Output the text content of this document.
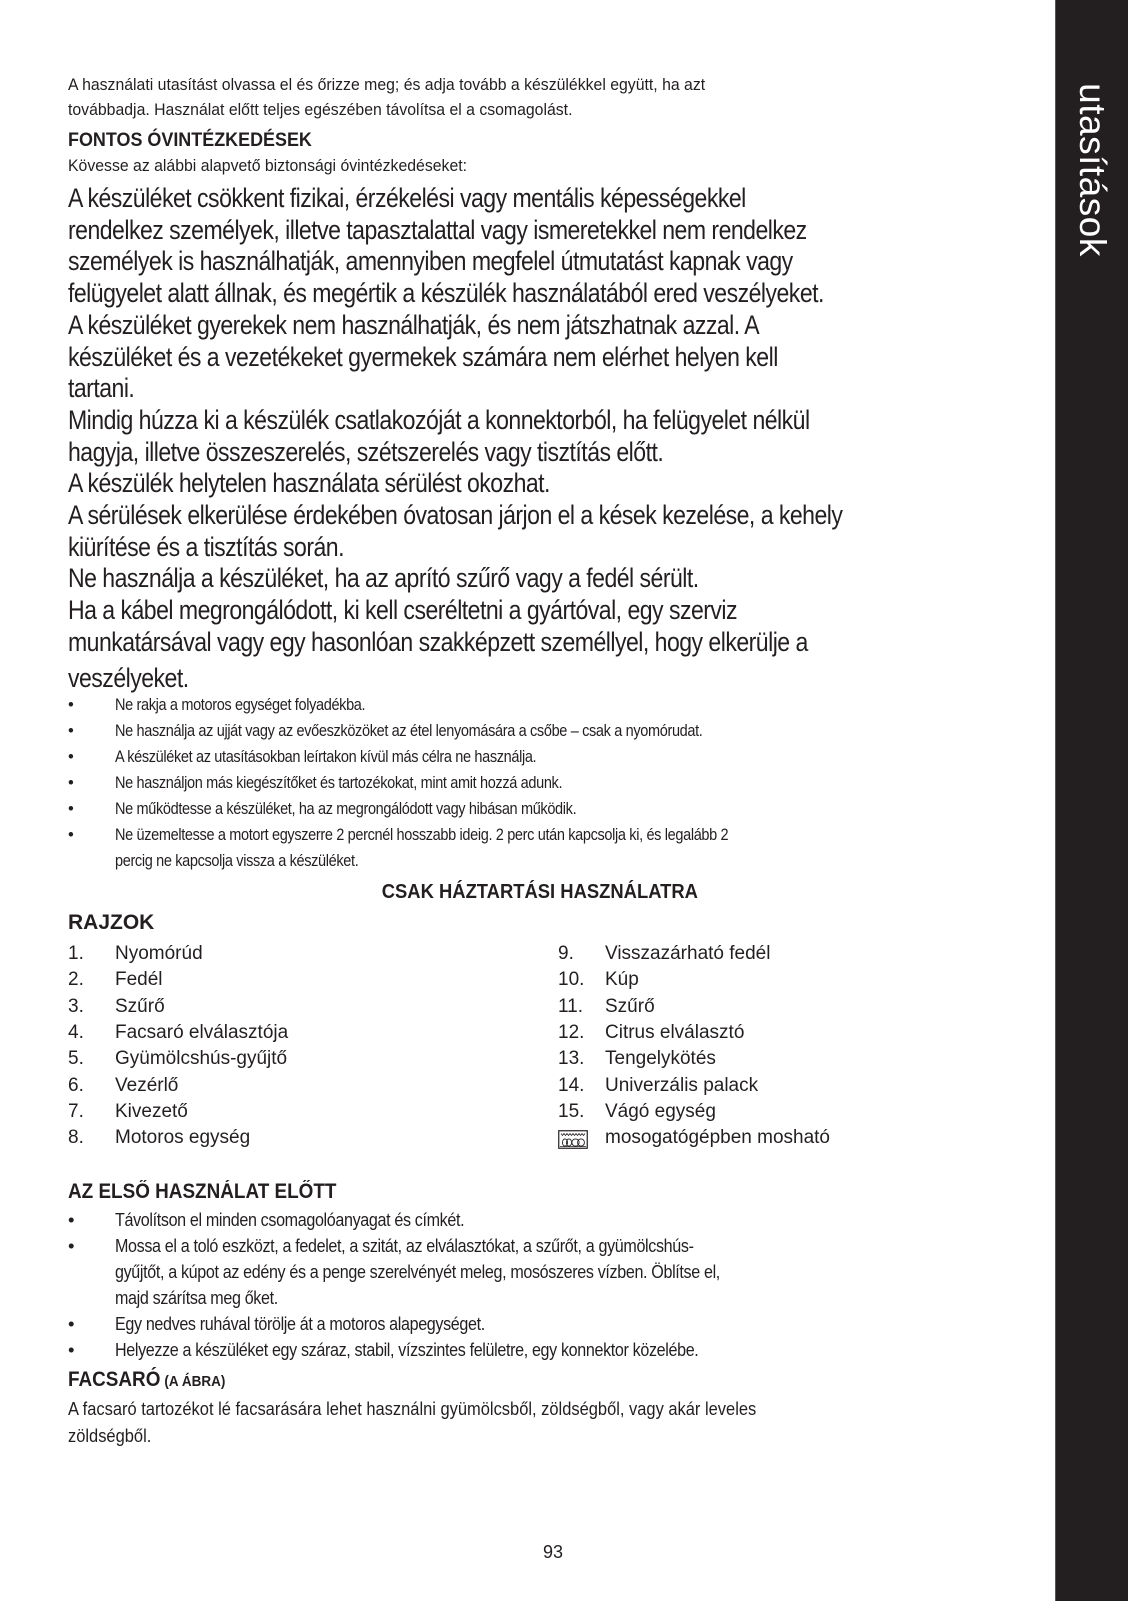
utasítások
A használati utasítást olvassa el és őrizze meg; és adja tovább a készülékkel együtt, ha azt
továbbadja. Használat előtt teljes egészében távolítsa el a csomagolást.
FONTOS ÓVINTÉZKEDÉSEK
Kövesse az alábbi alapvető biztonsági óvintézkedéseket:
A készüléket csökkent fizikai, érzékelési vagy mentális képességekkel
rendelkez személyek, illetve tapasztalattal vagy ismeretekkel nem rendelkez
személyek is használhatják, amennyiben megfelel útmutatást kapnak vagy
felügyelet alatt állnak, és megértik a készülék használatából ered veszélyeket.
A készüléket gyerekek nem használhatják, és nem játszhatnak azzal. A
készüléket és a vezetékeket gyermekek számára nem elérhet helyen kell
tartani.
Mindig húzza ki a készülék csatlakozóját a konnektorból, ha felügyelet nélkül
hagyja, illetve összeszerelés, szétszerelés vagy tisztítás előtt.
A készülék helytelen használata sérülést okozhat.
A sérülések elkerülése érdekében óvatosan járjon el a kések kezelése, a kehely
kiürítése és a tisztítás során.
Ne használja a készüléket, ha az aprító szűrő vagy a fedél sérült.
Ha a kábel megrongálódott, ki kell cseréltetni a gyártóval, egy szerviz
munkatársával vagy egy hasonlóan szakképzett személlyel, hogy elkerülje a
veszélyeket.
•	Ne rakja a motoros egységet folyadékba.
•	Ne használja az ujját vagy az evőeszközöket az étel lenyomására a csőbe – csak a nyomórudat.
•	A készüléket az utasításokban leírtakon kívül más célra ne használja.
•	Ne használjon más kiegészítőket és tartozékokat, mint amit hozzá adunk.
•	Ne működtesse a készüléket, ha az megrongálódott vagy hibásan működik.
•	Ne üzemeltesse a motort egyszerre 2 percnél hosszabb ideig. 2 perc után kapcsolja ki, és legalább 2
percig ne kapcsolja vissza a készüléket.
CSAK HÁZTARTÁSI HASZNÁLATRA
RAJZOK
1. Nyomórúd
2. Fedél
3. Szűrő
4. Facsaró elválasztója
5. Gyümölcshús-gyűjtő
6. Vezérlő
7. Kivezető
8. Motoros egység
9. Visszazárható fedél
10. Kúp
11. Szűrő
12. Citrus elválasztó
13. Tengelykötés
14. Univerzális palack
15. Vágó egység
mosogatógépben mosható
AZ ELSŐ HASZNÁLAT ELŐTT
•	Távolítson el minden csomagolóanyagat és címkét.
•	Mossa el a toló eszközt, a fedelet, a szitát, az elválasztókat, a szűrőt, a gyümölcshús-
gyűjtőt, a kúpot az edény és a penge szerelvényét meleg, mosószeres vízben. Öblítse el,
majd szárítsa meg őket.
•	Egy nedves ruhával törölje át a motoros alapegységet.
•	Helyezze a készüléket egy száraz, stabil, vízszintes felületre, egy konnektor közelébe.
FACSARÓ (A ÁBRA)
A facsaró tartozékot lé facsarására lehet használni gyümölcsből, zöldségből, vagy akár leveles
zöldségből.
93
